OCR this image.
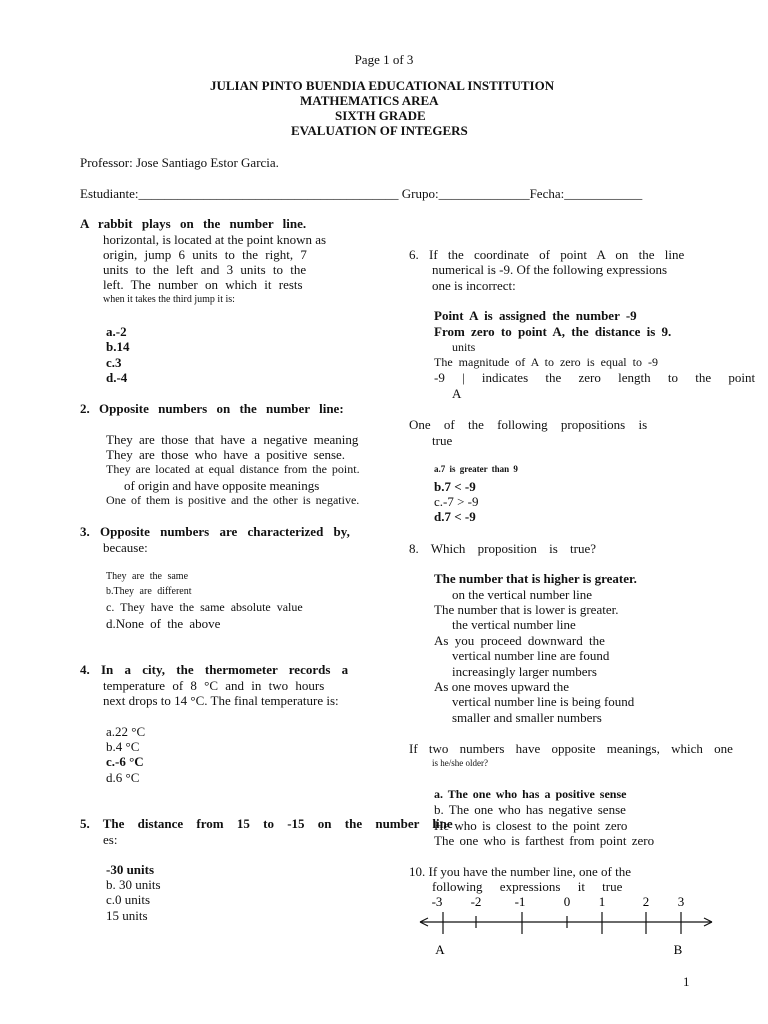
Page 1 of 3
JULIAN PINTO BUENDIA EDUCATIONAL INSTITUTION
MATHEMATICS AREA
SIXTH GRADE
EVALUATION OF INTEGERS
Professor: Jose Santiago Estor Garcia.
Estudiante:________________________________________ Grupo:______________Fecha:____________
A rabbit plays on the number line.
horizontal, is located at the point known as
origin, jump 6 units to the right, 7
units to the left and 3 units to the
left. The number on which it rests
when it takes the third jump it is:
a.-2
b.14
c.3
d.-4
2. Opposite numbers on the number line:
They are those that have a negative meaning
They are those who have a positive sense.
They are located at equal distance from the point.
of origin and have opposite meanings
One of them is positive and the other is negative.
3. Opposite numbers are characterized by,
because:
They are the same
b.They are different
c. They have the same absolute value
d.None of the above
4. In a city, the thermometer records a
temperature of 8 °C and in two hours
next drops to 14 °C. The final temperature is:
a.22 °C
b.4 °C
c.-6 °C
d.6 °C
5. The distance from 15 to -15 on the number line
es:
-30 units
b. 30 units
c.0 units
15 units
6. If the coordinate of point A on the line
numerical is -9. Of the following expressions
one is incorrect:
Point A is assigned the number -9
From zero to point A, the distance is 9.
units
The magnitude of A to zero is equal to -9
-9 | indicates the zero length to the point
A
One of the following propositions is
true
a.7 is greater than 9
b.7 < -9
c.-7 > -9
d.7 < -9
8. Which proposition is true?
The number that is higher is greater.
on the vertical number line
The number that is lower is greater.
the vertical number line
As you proceed downward the
vertical number line are found
increasingly larger numbers
As one moves upward the
vertical number line is being found
smaller and smaller numbers
If two numbers have opposite meanings, which one
is he/she older?
a. The one who has a positive sense
b. The one who has negative sense
He who is closest to the point zero
The one who is farthest from point zero
10. If you have the number line, one of the
following expressions it true
-3 -2	-1	0 1	2 3
A	B
1
